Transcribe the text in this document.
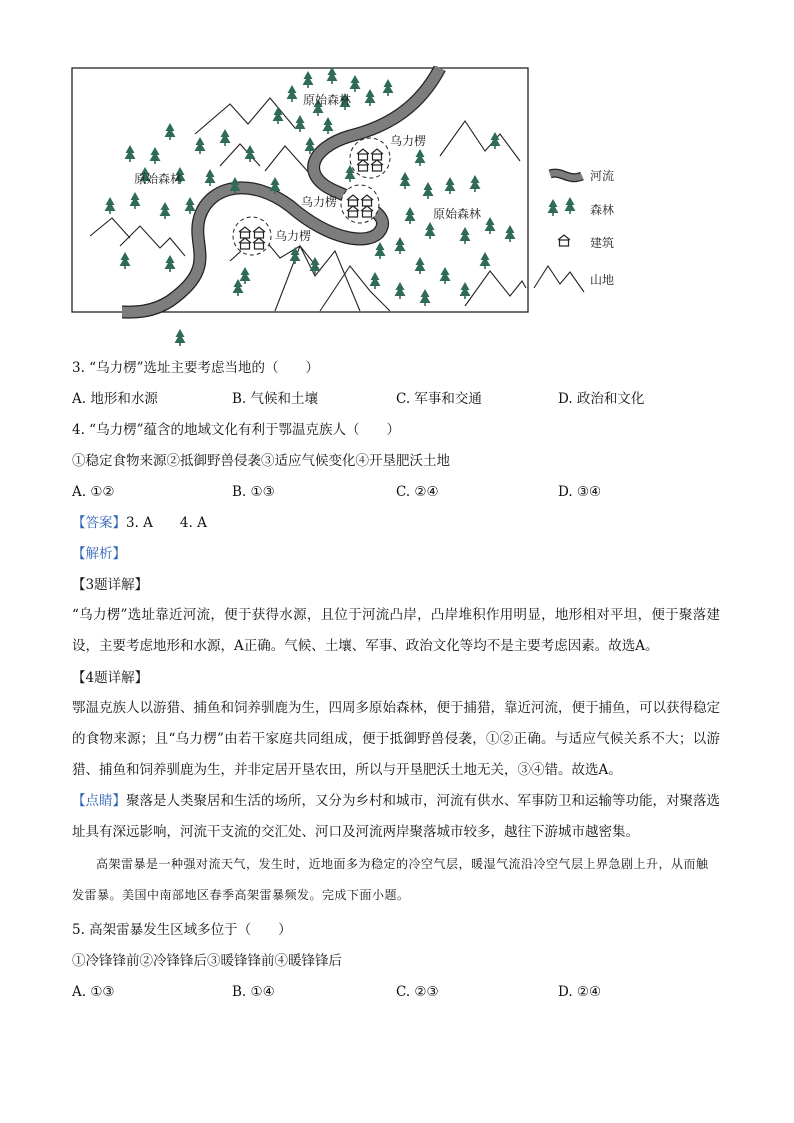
原始森林
原始森林
原始森林
乌力楞
乌力楞
乌力楞
河流
森林
建筑
山地
3. “乌力楞”选址主要考虑当地的（　　）
A. 地形和水源	B. 气候和土壤	C. 军事和交通	D. 政治和文化
4. “乌力楞”蕴含的地域文化有利于鄂温克族人（　　）
①稳定食物来源②抵御野兽侵袭③适应气候变化④开垦肥沃土地
A. ①②	B. ①③	C. ②④	D. ③④
【答案】3. A　　4. A
【解析】
【3题详解】
“乌力楞”选址靠近河流，便于获得水源，且位于河流凸岸，凸岸堆积作用明显，地形相对平坦，便于聚落建设，主要考虑地形和水源，A正确。气候、土壤、军事、政治文化等均不是主要考虑因素。故选A。
【4题详解】
鄂温克族人以游猎、捕鱼和饲养驯鹿为生，四周多原始森林，便于捕猎，靠近河流，便于捕鱼，可以获得稳定的食物来源；且“乌力楞”由若干家庭共同组成，便于抵御野兽侵袭，①②正确。与适应气候关系不大；以游猎、捕鱼和饲养驯鹿为生，并非定居开垦农田，所以与开垦肥沃土地无关，③④错。故选A。
【点睛】聚落是人类聚居和生活的场所，又分为乡村和城市，河流有供水、军事防卫和运输等功能，对聚落选址具有深远影响，河流干支流的交汇处、河口及河流两岸聚落城市较多，越往下游城市越密集。
高架雷暴是一种强对流天气，发生时，近地面多为稳定的冷空气层，暖湿气流沿冷空气层上界急剧上升，从而触发雷暴。美国中南部地区春季高架雷暴频发。完成下面小题。
5. 高架雷暴发生区域多位于（　　）
①冷锋锋前②冷锋锋后③暖锋锋前④暖锋锋后
A. ①③	B. ①④	C. ②③	D. ②④
